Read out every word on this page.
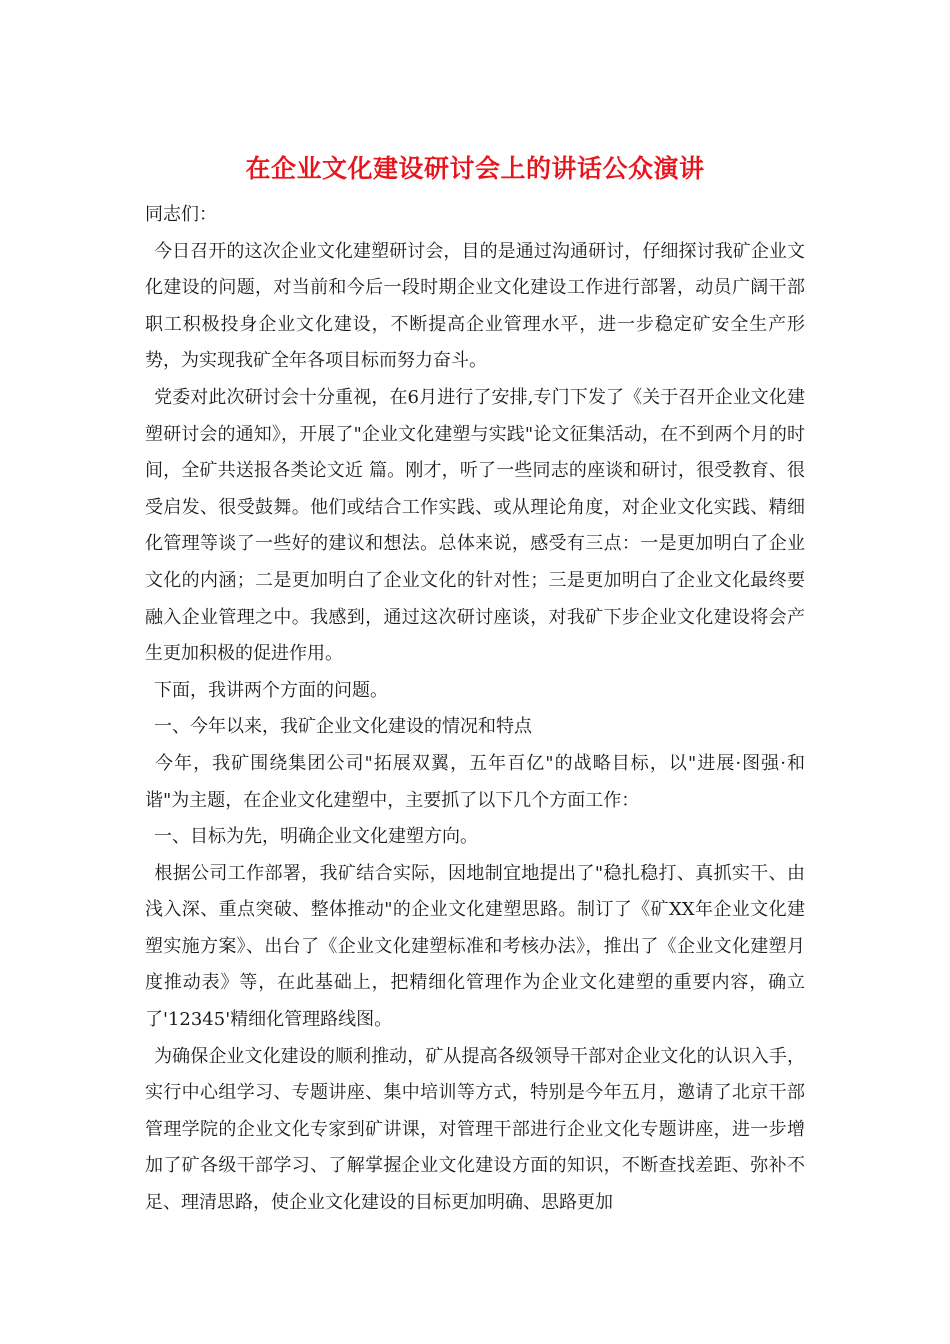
在企业文化建设研讨会上的讲话公众演讲

同志们：

 今日召开的这次企业文化建塑研讨会，目的是通过沟通研讨，仔细探讨我矿企业文化建设的问题，对当前和今后一段时期企业文化建设工作进行部署，动员广阔干部职工积极投身企业文化建设，不断提高企业管理水平，进一步稳定矿安全生产形势，为实现我矿全年各项目标而努力奋斗。

 党委对此次研讨会十分重视，在6月进行了安排,专门下发了《关于召开企业文化建塑研讨会的通知》，开展了"企业文化建塑与实践"论文征集活动，在不到两个月的时间，全矿共送报各类论文近 篇。刚才，听了一些同志的座谈和研讨，很受教育、很受启发、很受鼓舞。他们或结合工作实践、或从理论角度，对企业文化实践、精细化管理等谈了一些好的建议和想法。总体来说，感受有三点：一是更加明白了企业文化的内涵；二是更加明白了企业文化的针对性；三是更加明白了企业文化最终要融入企业管理之中。我感到，通过这次研讨座谈，对我矿下步企业文化建设将会产生更加积极的促进作用。

 下面，我讲两个方面的问题。

 一、今年以来，我矿企业文化建设的情况和特点

 今年，我矿围绕集团公司"拓展双翼，五年百亿"的战略目标，以"进展·图强·和谐"为主题，在企业文化建塑中，主要抓了以下几个方面工作：

 一、目标为先，明确企业文化建塑方向。

 根据公司工作部署，我矿结合实际，因地制宜地提出了"稳扎稳打、真抓实干、由浅入深、重点突破、整体推动"的企业文化建塑思路。制订了《矿XX年企业文化建塑实施方案》、出台了《企业文化建塑标准和考核办法》，推出了《企业文化建塑月度推动表》等，在此基础上，把精细化管理作为企业文化建塑的重要内容，确立了'12345'精细化管理路线图。

 为确保企业文化建设的顺利推动，矿从提高各级领导干部对企业文化的认识入手，实行中心组学习、专题讲座、集中培训等方式，特别是今年五月，邀请了北京干部管理学院的企业文化专家到矿讲课，对管理干部进行企业文化专题讲座，进一步增加了矿各级干部学习、了解掌握企业文化建设方面的知识，不断查找差距、弥补不足、理清思路，使企业文化建设的目标更加明确、思路更加
